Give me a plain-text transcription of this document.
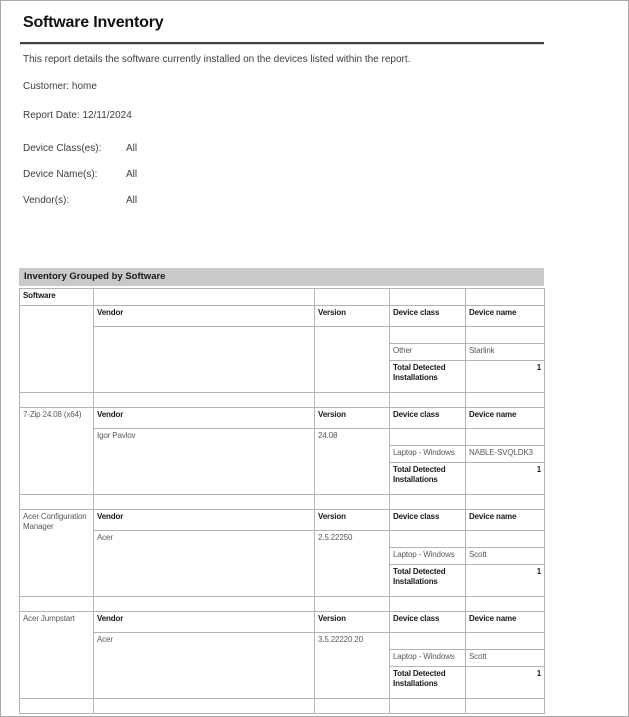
Software Inventory
This report details the software currently installed on the devices listed within the report.
Customer: home
Report Date: 12/11/2024
Device Class(es): All
Device Name(s):	All
Vendor(s):	All
Inventory Grouped by Software
Software				
	Vendor	Version	Device class	Device name

			Other	Starlink
			Total Detected Installations	1

7-Zip 24.08 (x64)	Vendor	Version	Device class	Device name
	Igor Pavlov	24.08		
			Laptop - Windows	NABLE-SVQLDK3
			Total Detected Installations	1

Acer Configuration Manager	Vendor	Version	Device class	Device name
	Acer	2.5.22250		
			Laptop - Windows	Scott
			Total Detected Installations	1

Acer Jumpstart	Vendor	Version	Device class	Device name
	Acer	3.5.22220.20		
			Laptop - Windows	Scott
			Total Detected Installations	1
